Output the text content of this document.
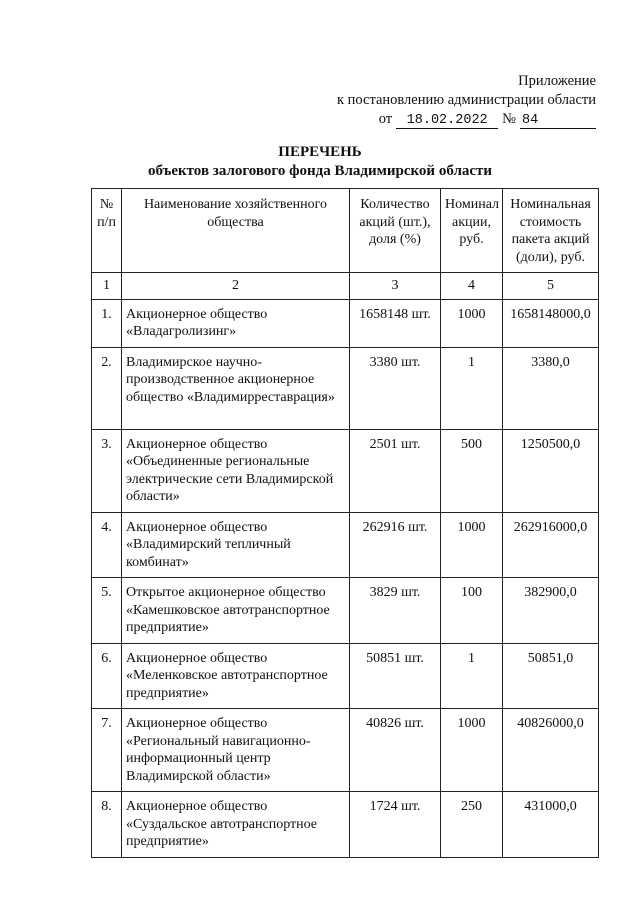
Приложение
к постановлению администрации области
от	18.02.2022	№ 84
ПЕРЕЧЕНЬ
объектов залогового фонда Владимирской области
№ п/п	Наименование хозяйственного общества	Количество акций (шт.), доля (%)	Номинал акции, руб.	Номинальная стоимость пакета акций (доли), руб.
1	2	3	4	5
1.	Акционерное общество «Владагролизинг»	1658148 шт.	1000	1658148000,0
2.	Владимирское научно-производственное акционерное общество «Владимирреставрация»	3380 шт.	1	3380,0
3.	Акционерное общество «Объединенные региональные электрические сети Владимирской области»	2501 шт.	500	1250500,0
4.	Акционерное общество «Владимирский тепличный комбинат»	262916 шт.	1000	262916000,0
5.	Открытое акционерное общество «Камешковское автотранспортное предприятие»	3829 шт.	100	382900,0
6.	Акционерное общество «Меленковское автотранспортное предприятие»	50851 шт.	1	50851,0
7.	Акционерное общество «Региональный навигационно-информационный центр Владимирской области»	40826 шт.	1000	40826000,0
8.	Акционерное общество «Суздальское автотранспортное предприятие»	1724 шт.	250	431000,0
